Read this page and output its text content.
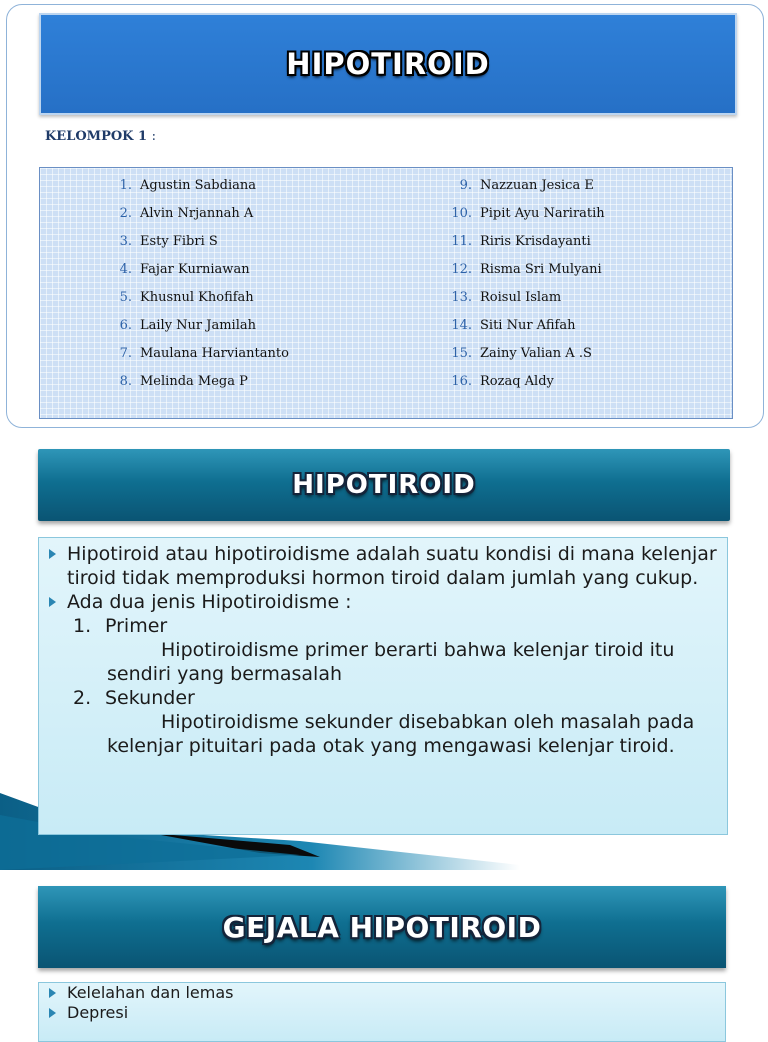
HIPOTIROID
KELOMPOK 1 :
1. Agustin Sabdiana
2. Alvin Nrjannah A
3. Esty Fibri S
4. Fajar Kurniawan
5. Khusnul Khofifah
6. Laily Nur Jamilah
7. Maulana Harviantanto
8. Melinda Mega P
9. Nazzuan Jesica E
10. Pipit Ayu Nariratih
11. Riris Krisdayanti
12. Risma Sri Mulyani
13. Roisul Islam
14. Siti Nur Afifah
15. Zainy Valian A .S
16. Rozaq Aldy
HIPOTIROID
Hipotiroid atau hipotiroidisme adalah suatu kondisi di mana kelenjar tiroid tidak memproduksi hormon tiroid dalam jumlah yang cukup.
Ada dua jenis Hipotiroidisme :
1. Primer
Hipotiroidisme primer berarti bahwa kelenjar tiroid itu sendiri yang bermasalah
2. Sekunder
Hipotiroidisme sekunder disebabkan oleh masalah pada kelenjar pituitari pada otak yang mengawasi kelenjar tiroid.
GEJALA HIPOTIROID
Kelelahan dan lemas
Depresi
